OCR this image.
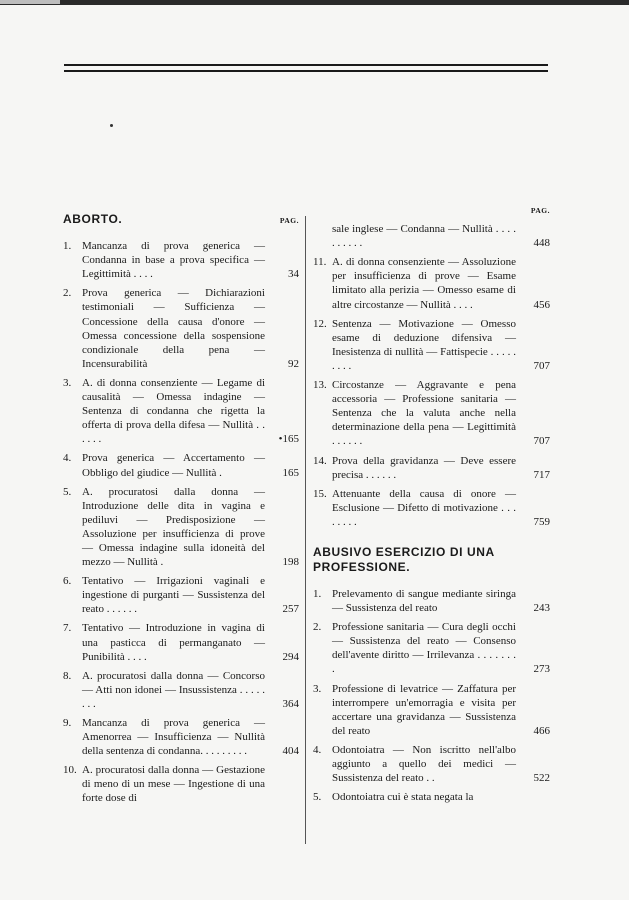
ABORTO.	PAG.
1. Mancanza di prova generica — Condanna in base a prova specifica — Legittimità . . . .	34
2. Prova generica — Dichiarazioni testimoniali — Sufficienza — Concessione della causa d'onore — Omessa concessione della sospensione condizionale della pena — Incensurabilità	92
3. A. di donna consenziente — Legame di causalità — Omessa indagine — Sentenza di condanna che rigetta la offerta di prova della difesa — Nullità . . . . . .	•165
4. Prova generica — Accertamento — Obbligo del giudice — Nullità .	165
5. A. procuratosi dalla donna — Introduzione delle dita in vagina e pediluvi — Predisposizione — Assoluzione per insufficienza di prove — Omessa indagine sulla idoneità del mezzo — Nullità .	198
6. Tentativo — Irrigazioni vaginali e ingestione di purganti — Sussistenza del reato . . . . . .	257
7. Tentativo — Introduzione in vagina di una pasticca di permanganato — Punibilità . . . .	294
8. A. procuratosi dalla donna — Concorso — Atti non idonei — Insussistenza . . . . . . . .	364
9. Mancanza di prova generica — Amenorrea — Insufficienza — Nullità della sentenza di condanna. . . . . . . . .	404
10. A. procuratosi dalla donna — Gestazione di meno di un mese — Ingestione di una forte dose di
PAG.
sale inglese — Condanna — Nullità . . . . . . . . . .	448
11. A. di donna consenziente — Assoluzione per insufficienza di prove — Esame limitato alla perizia — Omesso esame di altre circostanze — Nullità . . . .	456
12. Sentenza — Motivazione — Omesso esame di deduzione difensiva — Inesistenza di nullità — Fattispecie . . . . . . . . .	707
13. Circostanze — Aggravante e pena accessoria — Professione sanitaria — Sentenza che la valuta anche nella determinazione della pena — Legittimità . . . . . .	707
14. Prova della gravidanza — Deve essere precisa . . . . . .	717
15. Attenuante della causa di onore — Esclusione — Difetto di motivazione . . . . . . . .	759
ABUSIVO ESERCIZIO DI UNA PROFESSIONE.
1. Prelevamento di sangue mediante siringa — Sussistenza del reato	243
2. Professione sanitaria — Cura degli occhi — Sussistenza del reato — Consenso dell'avente diritto — Irrilevanza . . . . . . . .	273
3. Professione di levatrice — Zaffatura per interrompere un'emorragia e visita per accertare una gravidanza — Sussistenza del reato	466
4. Odontoiatra — Non iscritto nell'albo aggiunto a quello dei medici — Sussistenza del reato . .	522
5. Odontoiatra cui è stata negata la
